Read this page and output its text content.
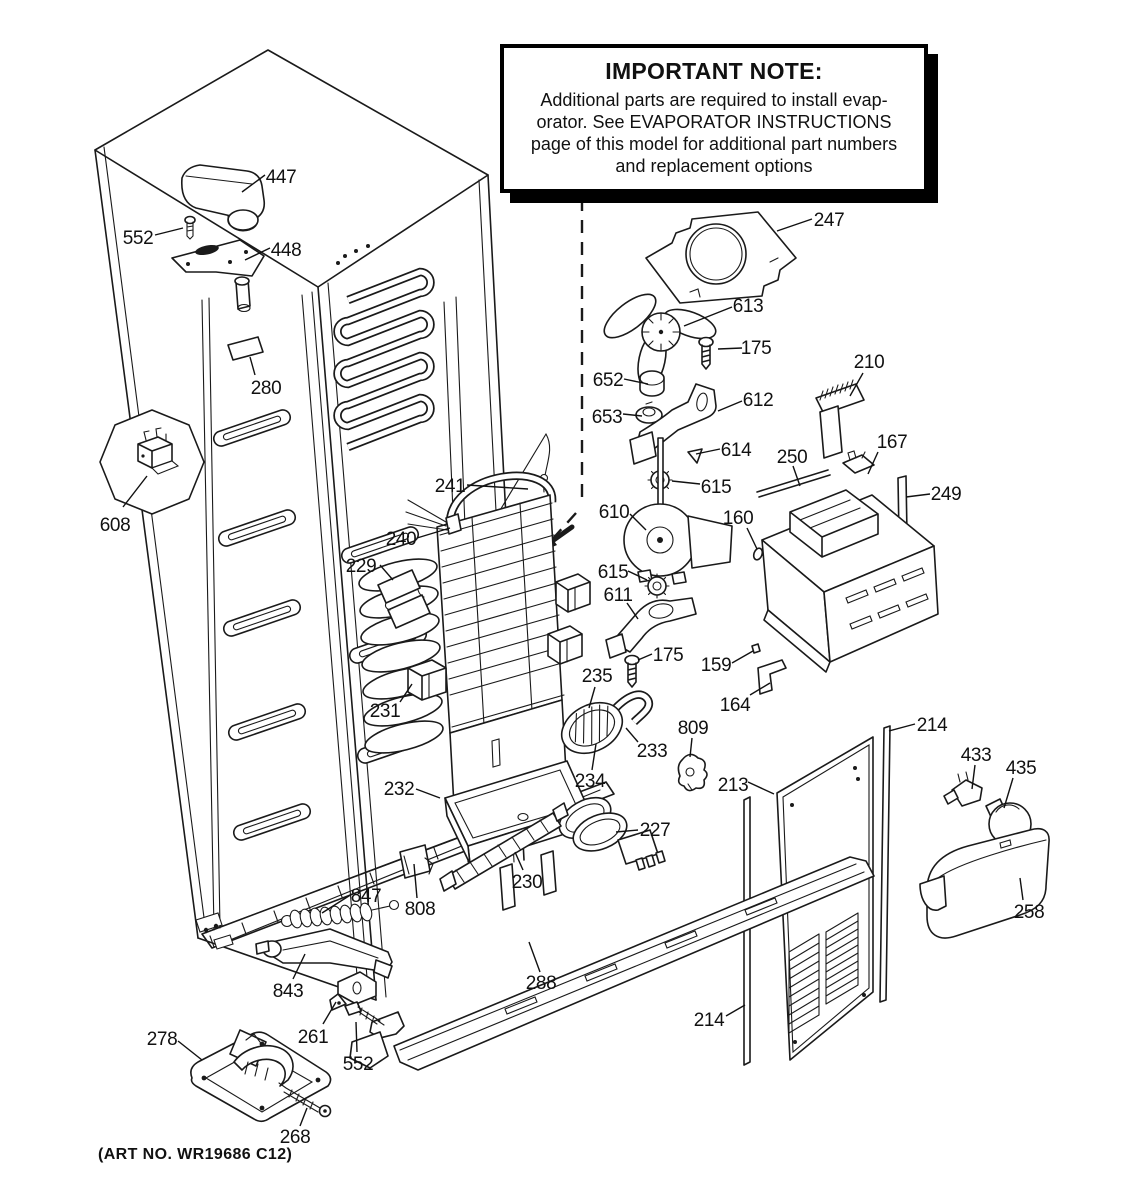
447
552
448
280
608
247
613
175
652
653
612
614
615
610
615
611
175
210
167
250
249
160
241
240
229
231
232
235
234
233
809
159
164
213
214
433
435
258
214
227
230
808
847
288
843
261
552
278
268
IMPORTANT NOTE:
Additional parts are required to install evap-
orator. See EVAPORATOR INSTRUCTIONS
page of this model for additional part numbers
and replacement options
(ART NO. WR19686 C12)
